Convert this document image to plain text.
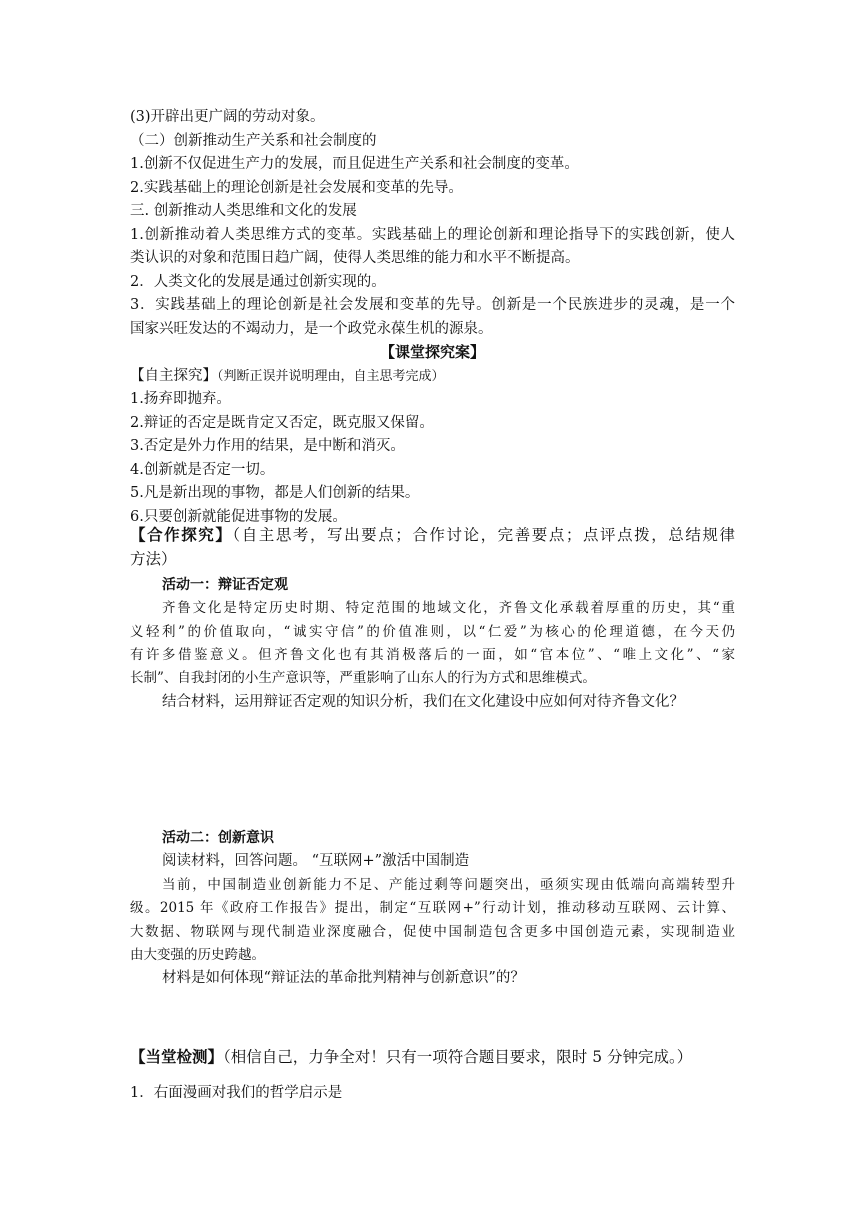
(3)开辟出更广阔的劳动对象。
（二）创新推动生产关系和社会制度的
1.创新不仅促进生产力的发展，而且促进生产关系和社会制度的变革。
2.实践基础上的理论创新是社会发展和变革的先导。
三. 创新推动人类思维和文化的发展
1.创新推动着人类思维方式的变革。实践基础上的理论创新和理论指导下的实践创新，使人
类认识的对象和范围日趋广阔，使得人类思维的能力和水平不断提高。
2．人类文化的发展是通过创新实现的。
3．实践基础上的理论创新是社会发展和变革的先导。创新是一个民族进步的灵魂，是一个
国家兴旺发达的不竭动力，是一个政党永葆生机的源泉。
【课堂探究案】
【自主探究】（判断正误并说明理由，自主思考完成）
1.扬弃即抛弃。
2.辩证的否定是既肯定又否定，既克服又保留。
3.否定是外力作用的结果，是中断和消灭。
4.创新就是否定一切。
5.凡是新出现的事物，都是人们创新的结果。
6.只要创新就能促进事物的发展。
【合作探究】（自主思考，写出要点；合作讨论，完善要点；点评点拨，总结规律
方法）
活动一：辩证否定观
齐鲁文化是特定历史时期、特定范围的地域文化，齐鲁文化承载着厚重的历史，其“重
义轻利”的价值取向，“诚实守信”的价值准则，以“仁爱”为核心的伦理道德，在今天仍
有许多借鉴意义。但齐鲁文化也有其消极落后的一面，如“官本位”、“唯上文化”、“家
长制”、自我封闭的小生产意识等，严重影响了山东人的行为方式和思维模式。
结合材料，运用辩证否定观的知识分析，我们在文化建设中应如何对待齐鲁文化？
活动二：创新意识
阅读材料，回答问题。 “互联网+”激活中国制造
当前，中国制造业创新能力不足、产能过剩等问题突出，亟须实现由低端向高端转型升
级。2015 年《政府工作报告》提出，制定“互联网+”行动计划，推动移动互联网、云计算、
大数据、物联网与现代制造业深度融合，促使中国制造包含更多中国创造元素，实现制造业
由大变强的历史跨越。
材料是如何体现“辩证法的革命批判精神与创新意识”的？
【当堂检测】（相信自己，力争全对！只有一项符合题目要求，限时 5 分钟完成。）
1．右面漫画对我们的哲学启示是
